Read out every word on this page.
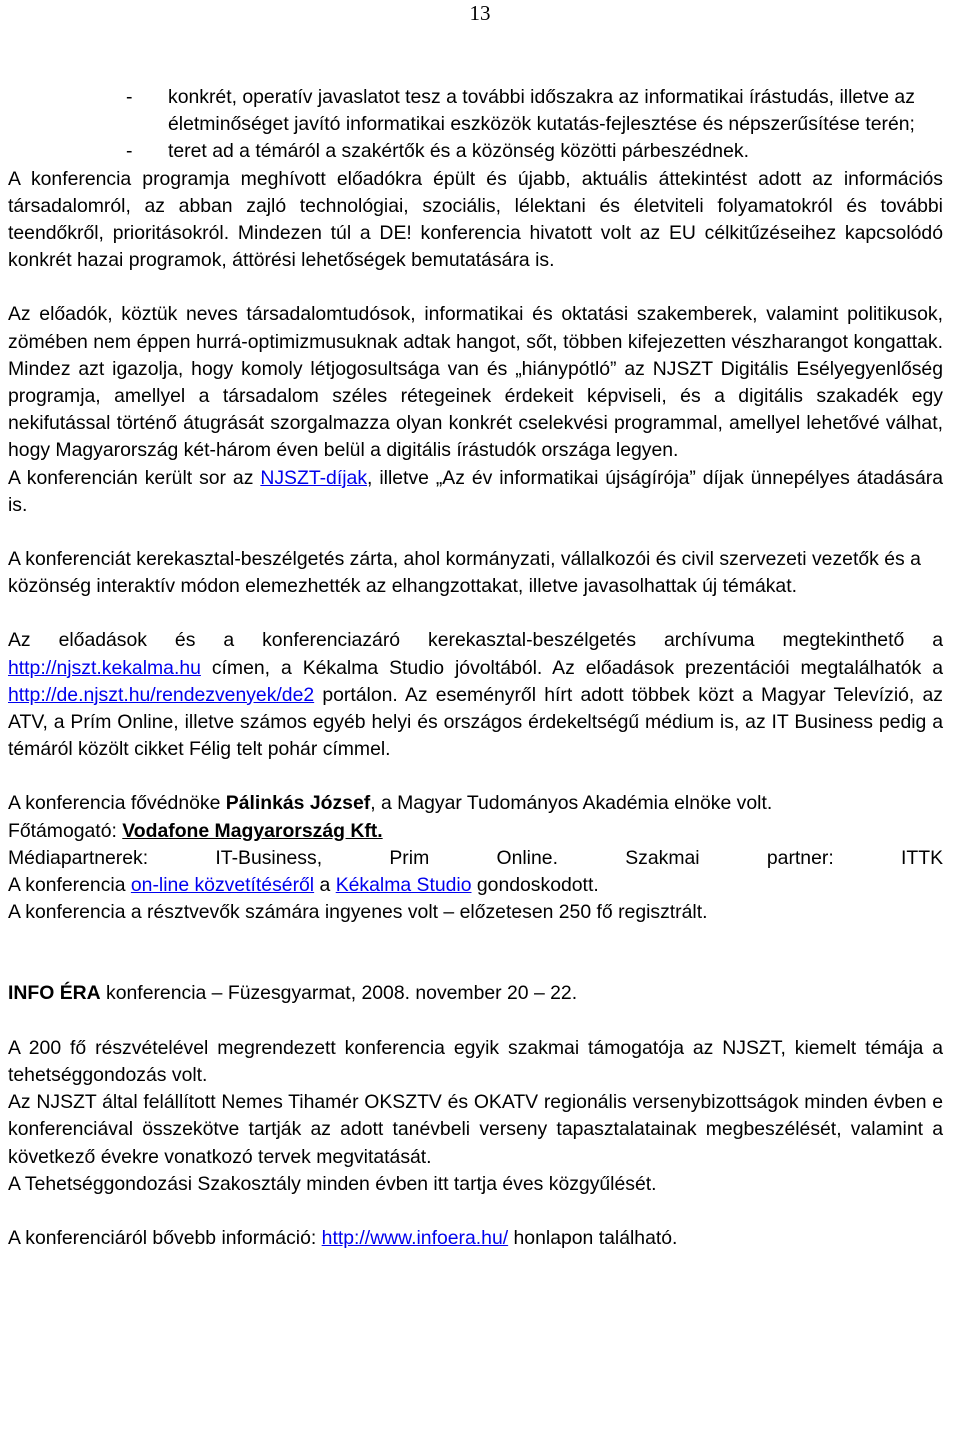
13
- konkrét, operatív javaslatot tesz a további időszakra az informatikai írástudás, illetve az életminőséget javító informatikai eszközök kutatás-fejlesztése és népszerűsítése terén;
- teret ad a témáról a szakértők és a közönség közötti párbeszédnek.

A konferencia programja meghívott előadókra épült és újabb, aktuális áttekintést adott az információs társadalomról, az abban zajló technológiai, szociális, lélektani és életviteli folyamatokról és további teendőkről, prioritásokról. Mindezen túl a DE! konferencia hivatott volt az EU célkitűzéseihez kapcsolódó konkrét hazai programok, áttörési lehetőségek bemutatására is.

Az előadók, köztük neves társadalomtudósok, informatikai és oktatási szakemberek, valamint politikusok, zömében nem éppen hurrá-optimizmusuknak adtak hangot, sőt, többen kifejezetten vészharangot kongattak. Mindez azt igazolja, hogy komoly létjogosultsága van és „hiánypótló” az NJSZT Digitális Esélyegyenlőség programja, amellyel a társadalom széles rétegeinek érdekeit képviseli, és a digitális szakadék egy nekifutással történő átugrását szorgalmazza olyan konkrét cselekvési programmal, amellyel lehetővé válhat, hogy Magyarország két-három éven belül a digitális írástudók országa legyen.

A konferencián került sor az NJSZT-díjak, illetve „Az év informatikai újságírója” díjak ünnepélyes átadására is.

A konferenciát kerekasztal-beszélgetés zárta, ahol kormányzati, vállalkozói és civil szervezeti vezetők és a közönség interaktív módon elemezhették az elhangzottakat, illetve javasolhattak új témákat.

Az előadások és a konferenciazáró kerekasztal-beszélgetés archívuma megtekinthető a http://njszt.kekalma.hu címen, a Kékalma Studio jóvoltából. Az előadások prezentációi megtalálhatók a http://de.njszt.hu/rendezvenyek/de2 portálon. Az eseményről hírt adott többek közt a Magyar Televízió, az ATV, a Prím Online, illetve számos egyéb helyi és országos érdekeltségű médium is, az IT Business pedig a témáról közölt cikket Félig telt pohár címmel.

A konferencia fővédnöke Pálinkás József, a Magyar Tudományos Akadémia elnöke volt.

Főtámogató: Vodafone Magyarország Kft.

Médiapartnerek: IT-Business, Prim Online. Szakmai partner: ITTK

A konferencia on-line közvetítéséről a Kékalma Studio gondoskodott.

A konferencia a résztvevők számára ingyenes volt – előzetesen 250 fő regisztrált.

INFO ÉRA konferencia – Füzesgyarmat, 2008. november 20 – 22.

A 200 fő részvételével megrendezett konferencia egyik szakmai támogatója az NJSZT, kiemelt témája a tehetséggondozás volt.

Az NJSZT által felállított Nemes Tihamér OKSZTV és OKATV regionális versenybizottságok minden évben e konferenciával összekötve tartják az adott tanévbeli verseny tapasztalatainak megbeszélését, valamint a következő évekre vonatkozó tervek megvitatását.

A Tehetséggondozási Szakosztály minden évben itt tartja éves közgyűlését.

A konferenciáról bővebb információ: http://www.infoera.hu/ honlapon található.
